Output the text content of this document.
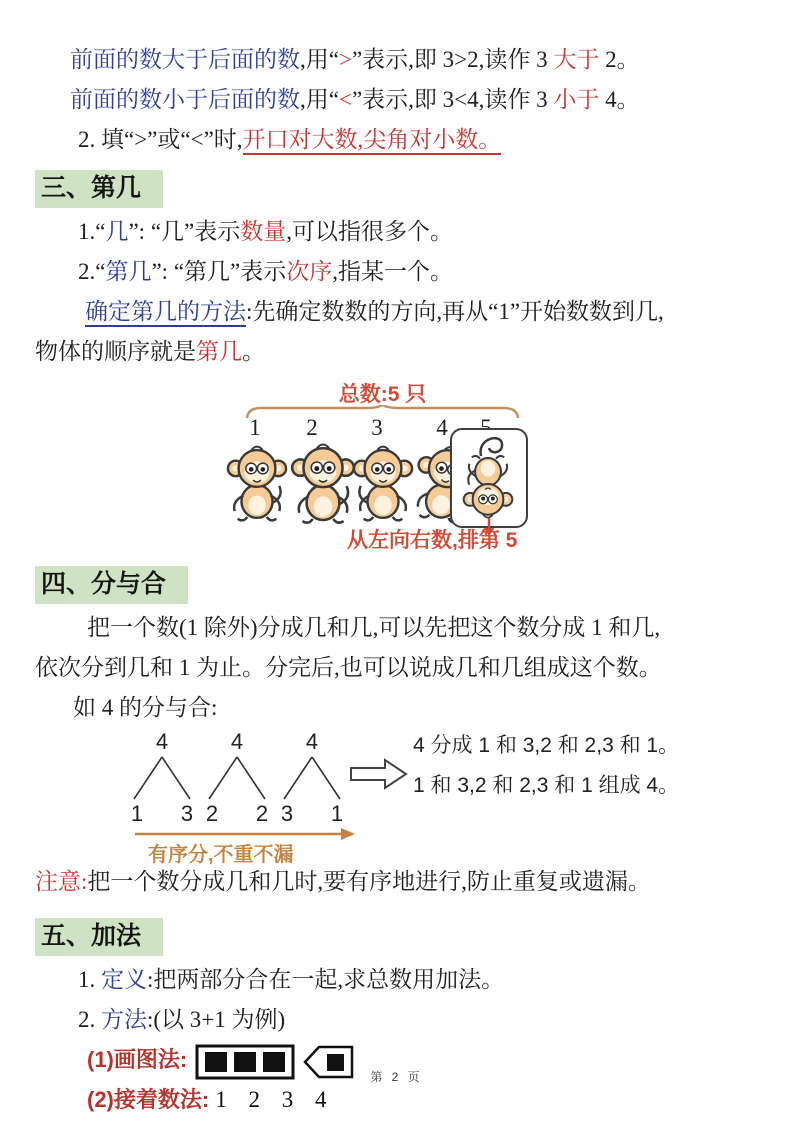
前面的数大于后面的数,用“>”表示,即 3>2,读作 3 大于 2。

前面的数小于后面的数,用“<”表示,即 3<4,读作 3 小于 4。

2. 填“>”或“<”时,开口对大数,尖角对小数。

三、第几

1.“几”: “几”表示数量,可以指很多个。

2.“第几”: “第几”表示次序,指某一个。

确定第几的方法:先确定数数的方向,再从“1”开始数数到几,

物体的顺序就是第几。

总数:5 只
1	2	3	4
从左向右数,排第 5
四、分与合

把一个数(1 除外)分成几和几,可以先把这个数分成 1 和几,

依次分到几和 1 为止。分完后,也可以说成几和几组成这个数。

如 4 的分与合:

4
1	3
4
2	2
4
3	1
4 分成 1 和 3,2 和 2,3 和 1。
1 和 3,2 和 2,3 和 1 组成 4。
有序分,不重不漏

注意:把一个数分成几和几时,要有序地进行,防止重复或遗漏。

五、加法

1. 定义:把两部分合在一起,求总数用加法。

2. 方法:(以 3+1 为例)

(1)画图法:

(2)接着数法: 1 2 3 4

第 2 页
